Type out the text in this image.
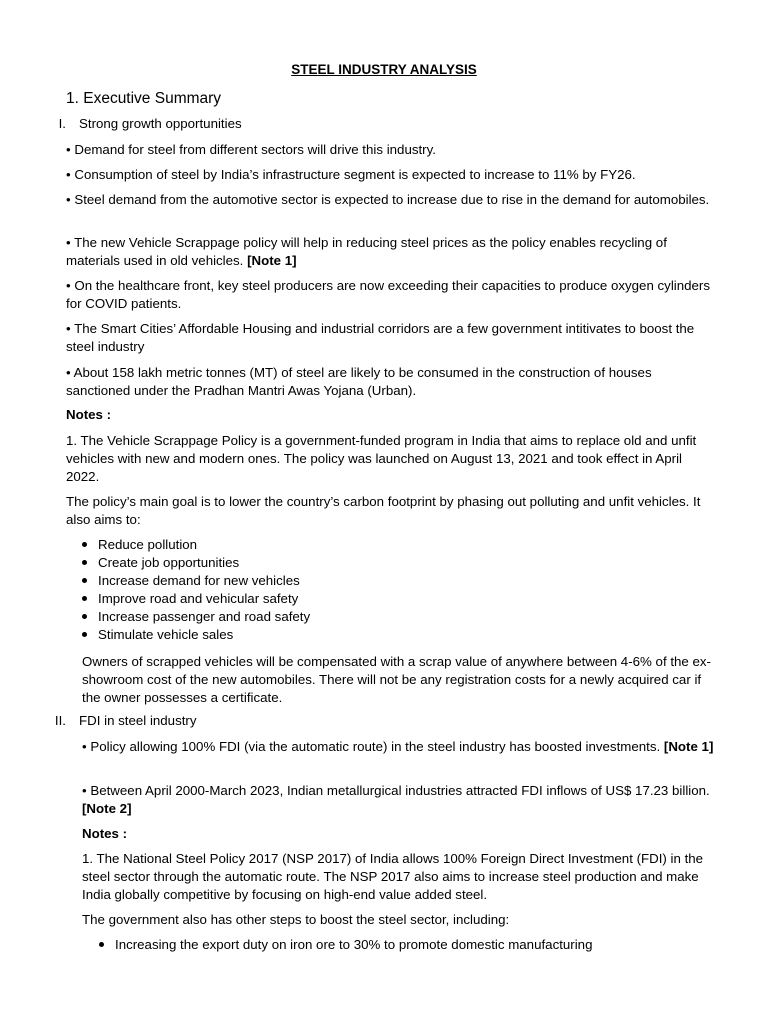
STEEL INDUSTRY ANALYSIS
1. Executive Summary
I. Strong growth opportunities
• Demand for steel from different sectors will drive this industry.
• Consumption of steel by India’s infrastructure segment is expected to increase to 11% by FY26.
• Steel demand from the automotive sector is expected to increase due to rise in the demand for automobiles.
• The new Vehicle Scrappage policy will help in reducing steel prices as the policy enables recycling of materials used in old vehicles. [Note 1]
• On the healthcare front, key steel producers are now exceeding their capacities to produce oxygen cylinders for COVID patients.
• The Smart Cities’ Affordable Housing and industrial corridors are a few government intitivates to boost the steel industry
• About 158 lakh metric tonnes (MT) of steel are likely to be consumed in the construction of houses sanctioned under the Pradhan Mantri Awas Yojana (Urban).
Notes :
1. The Vehicle Scrappage Policy is a government-funded program in India that aims to replace old and unfit vehicles with new and modern ones. The policy was launched on August 13, 2021 and took effect in April 2022.
The policy’s main goal is to lower the country’s carbon footprint by phasing out polluting and unfit vehicles. It also aims to:
Reduce pollution
Create job opportunities
Increase demand for new vehicles
Improve road and vehicular safety
Increase passenger and road safety
Stimulate vehicle sales
Owners of scrapped vehicles will be compensated with a scrap value of anywhere between 4-6% of the ex-showroom cost of the new automobiles. There will not be any registration costs for a newly acquired car if the owner possesses a certificate.
II. FDI in steel industry
• Policy allowing 100% FDI (via the automatic route) in the steel industry has boosted investments. [Note 1]
• Between April 2000-March 2023, Indian metallurgical industries attracted FDI inflows of US$ 17.23 billion. [Note 2]
Notes :
1. The National Steel Policy 2017 (NSP 2017) of India allows 100% Foreign Direct Investment (FDI) in the steel sector through the automatic route. The NSP 2017 also aims to increase steel production and make India globally competitive by focusing on high-end value added steel.
The government also has other steps to boost the steel sector, including:
Increasing the export duty on iron ore to 30% to promote domestic manufacturing
